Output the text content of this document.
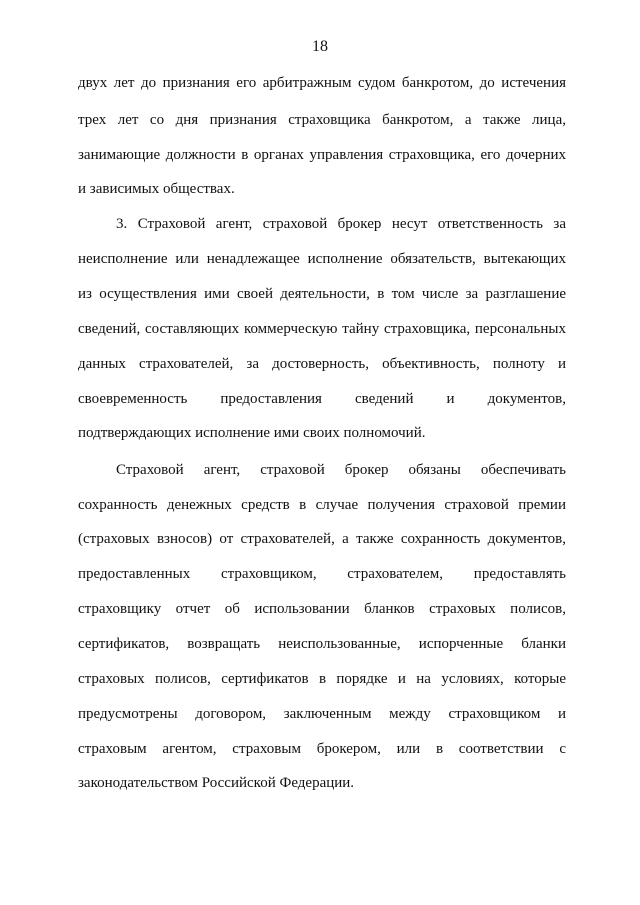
18
двух лет до признания его арбитражным судом банкротом, до истечения
трех лет со дня признания страховщика банкротом, а также лица,
занимающие должности в органах управления страховщика, его дочерних
и зависимых обществах.
3. Страховой агент, страховой брокер несут ответственность за
неисполнение или ненадлежащее исполнение обязательств, вытекающих
из осуществления ими своей деятельности, в том числе за разглашение
сведений, составляющих коммерческую тайну страховщика, персональных
данных страхователей, за достоверность, объективность, полноту и
своевременность предоставления сведений и документов,
подтверждающих исполнение ими своих полномочий.
Страховой агент, страховой брокер обязаны обеспечивать
сохранность денежных средств в случае получения страховой премии
(страховых взносов) от страхователей, а также сохранность документов,
предоставленных страховщиком, страхователем, предоставлять
страховщику отчет об использовании бланков страховых полисов,
сертификатов, возвращать неиспользованные, испорченные бланки
страховых полисов, сертификатов в порядке и на условиях, которые
предусмотрены договором, заключенным между страховщиком и
страховым агентом, страховым брокером, или в соответствии с
законодательством Российской Федерации.
